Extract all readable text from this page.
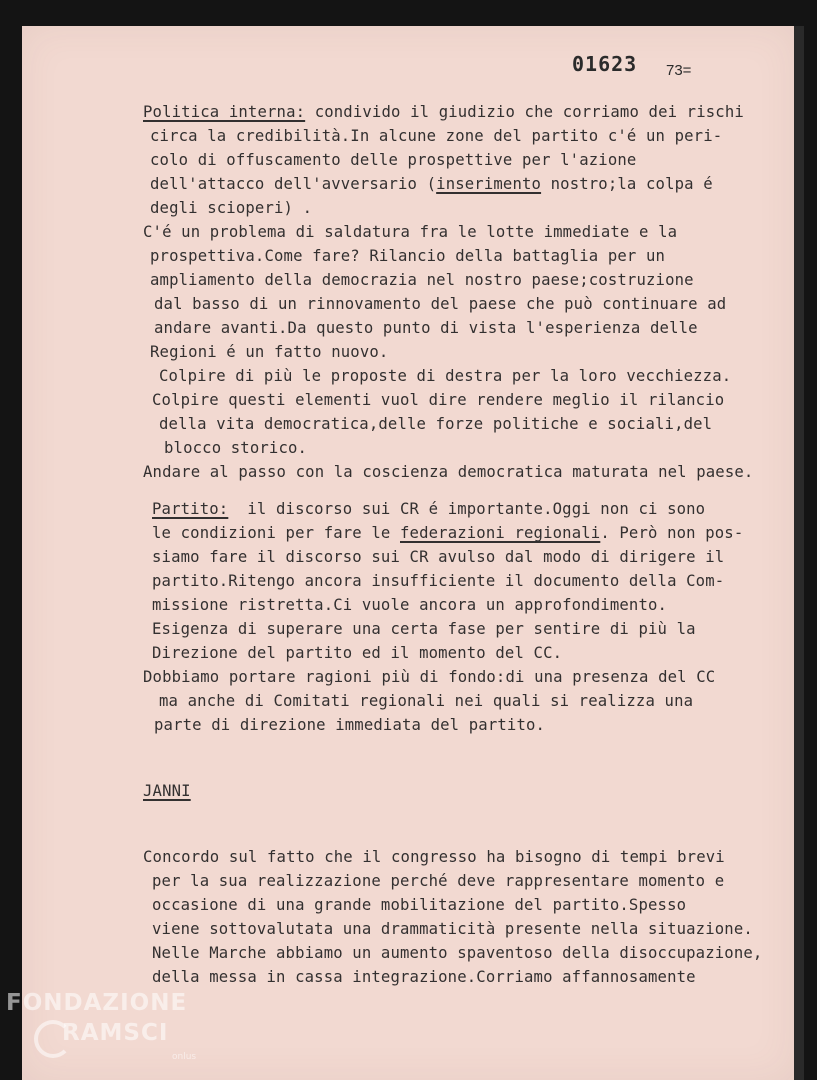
01623 73=
Politica interna: condivido il giudizio che corriamo dei rischi
circa la credibilità.In alcune zone del partito c'é un peri-
colo di offuscamento delle prospettive per l'azione
dell'attacco dell'avversario (inserimento nostro;la colpa é
degli scioperi) .
C'é un problema di saldatura fra le lotte immediate e la
prospettiva.Come fare? Rilancio della battaglia per un
ampliamento della democrazia nel nostro paese;costruzione
dal basso di un rinnovamento del paese che può continuare ad
andare avanti.Da questo punto di vista l'esperienza delle
Regioni é un fatto nuovo.
Colpire di più le proposte di destra per la loro vecchiezza.
Colpire questi elementi vuol dire rendere meglio il rilancio
della vita democratica,delle forze politiche e sociali,del
blocco storico.
Andare al passo con la coscienza democratica maturata nel paese.
Partito:  il discorso sui CR é importante.Oggi non ci sono
le condizioni per fare le federazioni regionali. Però non pos-
siamo fare il discorso sui CR avulso dal modo di dirigere il
partito.Ritengo ancora insufficiente il documento della Com-
missione ristretta.Ci vuole ancora un approfondimento.
Esigenza di superare una certa fase per sentire di più la
Direzione del partito ed il momento del CC.
Dobbiamo portare ragioni più di fondo:di una presenza del CC
ma anche di Comitati regionali nei quali si realizza una
parte di direzione immediata del partito.
JANNI
Concordo sul fatto che il congresso ha bisogno di tempi brevi
per la sua realizzazione perché deve rappresentare momento e
occasione di una grande mobilitazione del partito.Spesso
viene sottovalutata una drammaticità presente nella situazione.
Nelle Marche abbiamo un aumento spaventoso della disoccupazione,
della messa in cassa integrazione.Corriamo affannosamente
FONDAZIONE
RAMSCI
onlus
